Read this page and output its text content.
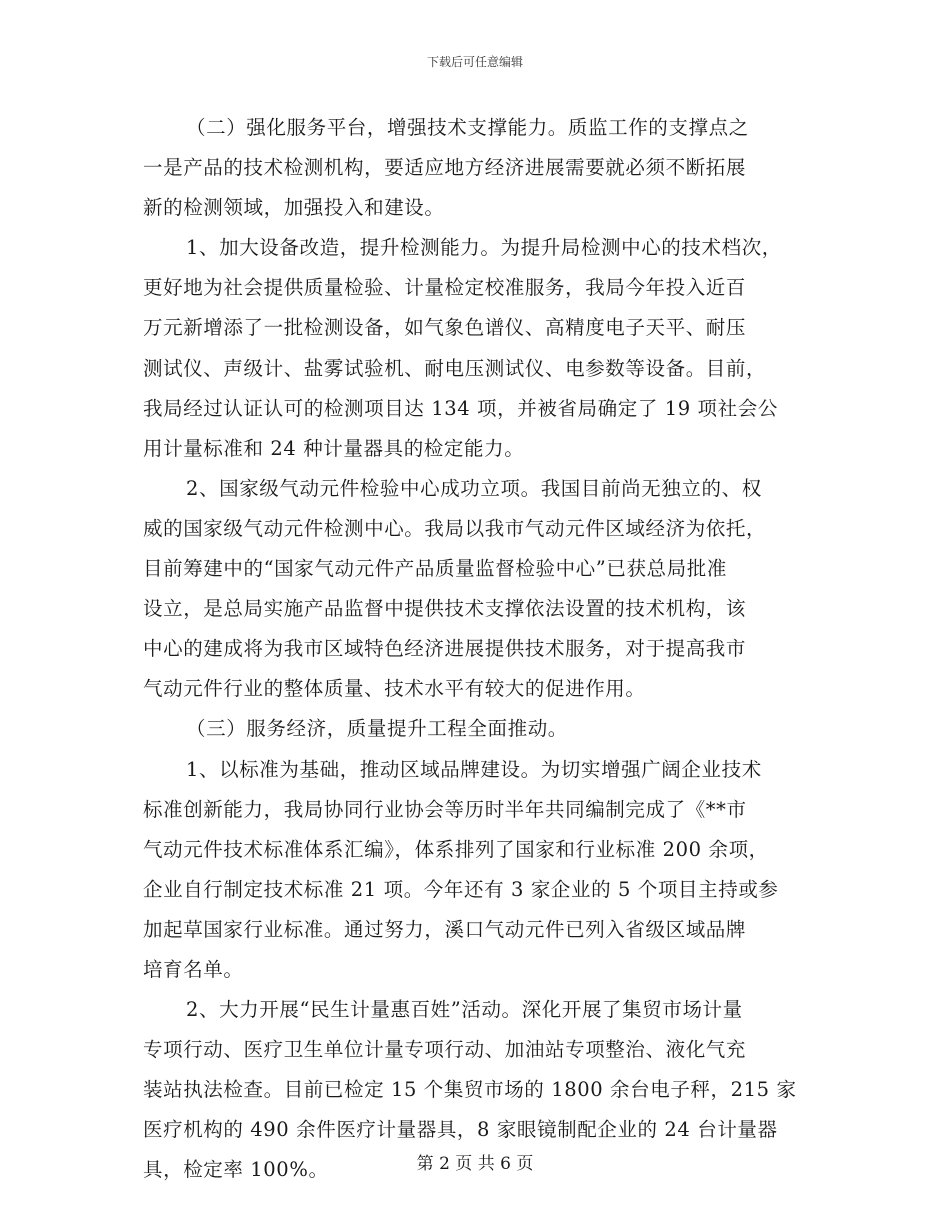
下载后可任意编辑
（二）强化服务平台，增强技术支撑能力。质监工作的支撑点之
一是产品的技术检测机构，要适应地方经济进展需要就必须不断拓展
新的检测领域，加强投入和建设。
1、加大设备改造，提升检测能力。为提升局检测中心的技术档次，
更好地为社会提供质量检验、计量检定校准服务，我局今年投入近百
万元新增添了一批检测设备，如气象色谱仪、高精度电子天平、耐压
测试仪、声级计、盐雾试验机、耐电压测试仪、电参数等设备。目前，
我局经过认证认可的检测项目达 134 项，并被省局确定了 19 项社会公
用计量标准和 24 种计量器具的检定能力。
2、国家级气动元件检验中心成功立项。我国目前尚无独立的、权
威的国家级气动元件检测中心。我局以我市气动元件区域经济为依托，
目前筹建中的“国家气动元件产品质量监督检验中心”已获总局批准
设立，是总局实施产品监督中提供技术支撑依法设置的技术机构，该
中心的建成将为我市区域特色经济进展提供技术服务，对于提高我市
气动元件行业的整体质量、技术水平有较大的促进作用。
（三）服务经济，质量提升工程全面推动。
1、以标准为基础，推动区域品牌建设。为切实增强广阔企业技术
标准创新能力，我局协同行业协会等历时半年共同编制完成了《**市
气动元件技术标准体系汇编》，体系排列了国家和行业标准 200 余项，
企业自行制定技术标准 21 项。今年还有 3 家企业的 5 个项目主持或参
加起草国家行业标准。通过努力，溪口气动元件已列入省级区域品牌
培育名单。
2、大力开展“民生计量惠百姓”活动。深化开展了集贸市场计量
专项行动、医疗卫生单位计量专项行动、加油站专项整治、液化气充
装站执法检查。目前已检定 15 个集贸市场的 1800 余台电子秤，215 家
医疗机构的 490 余件医疗计量器具，8 家眼镜制配企业的 24 台计量器
具，检定率 100%。	第 2 页 共 6 页
